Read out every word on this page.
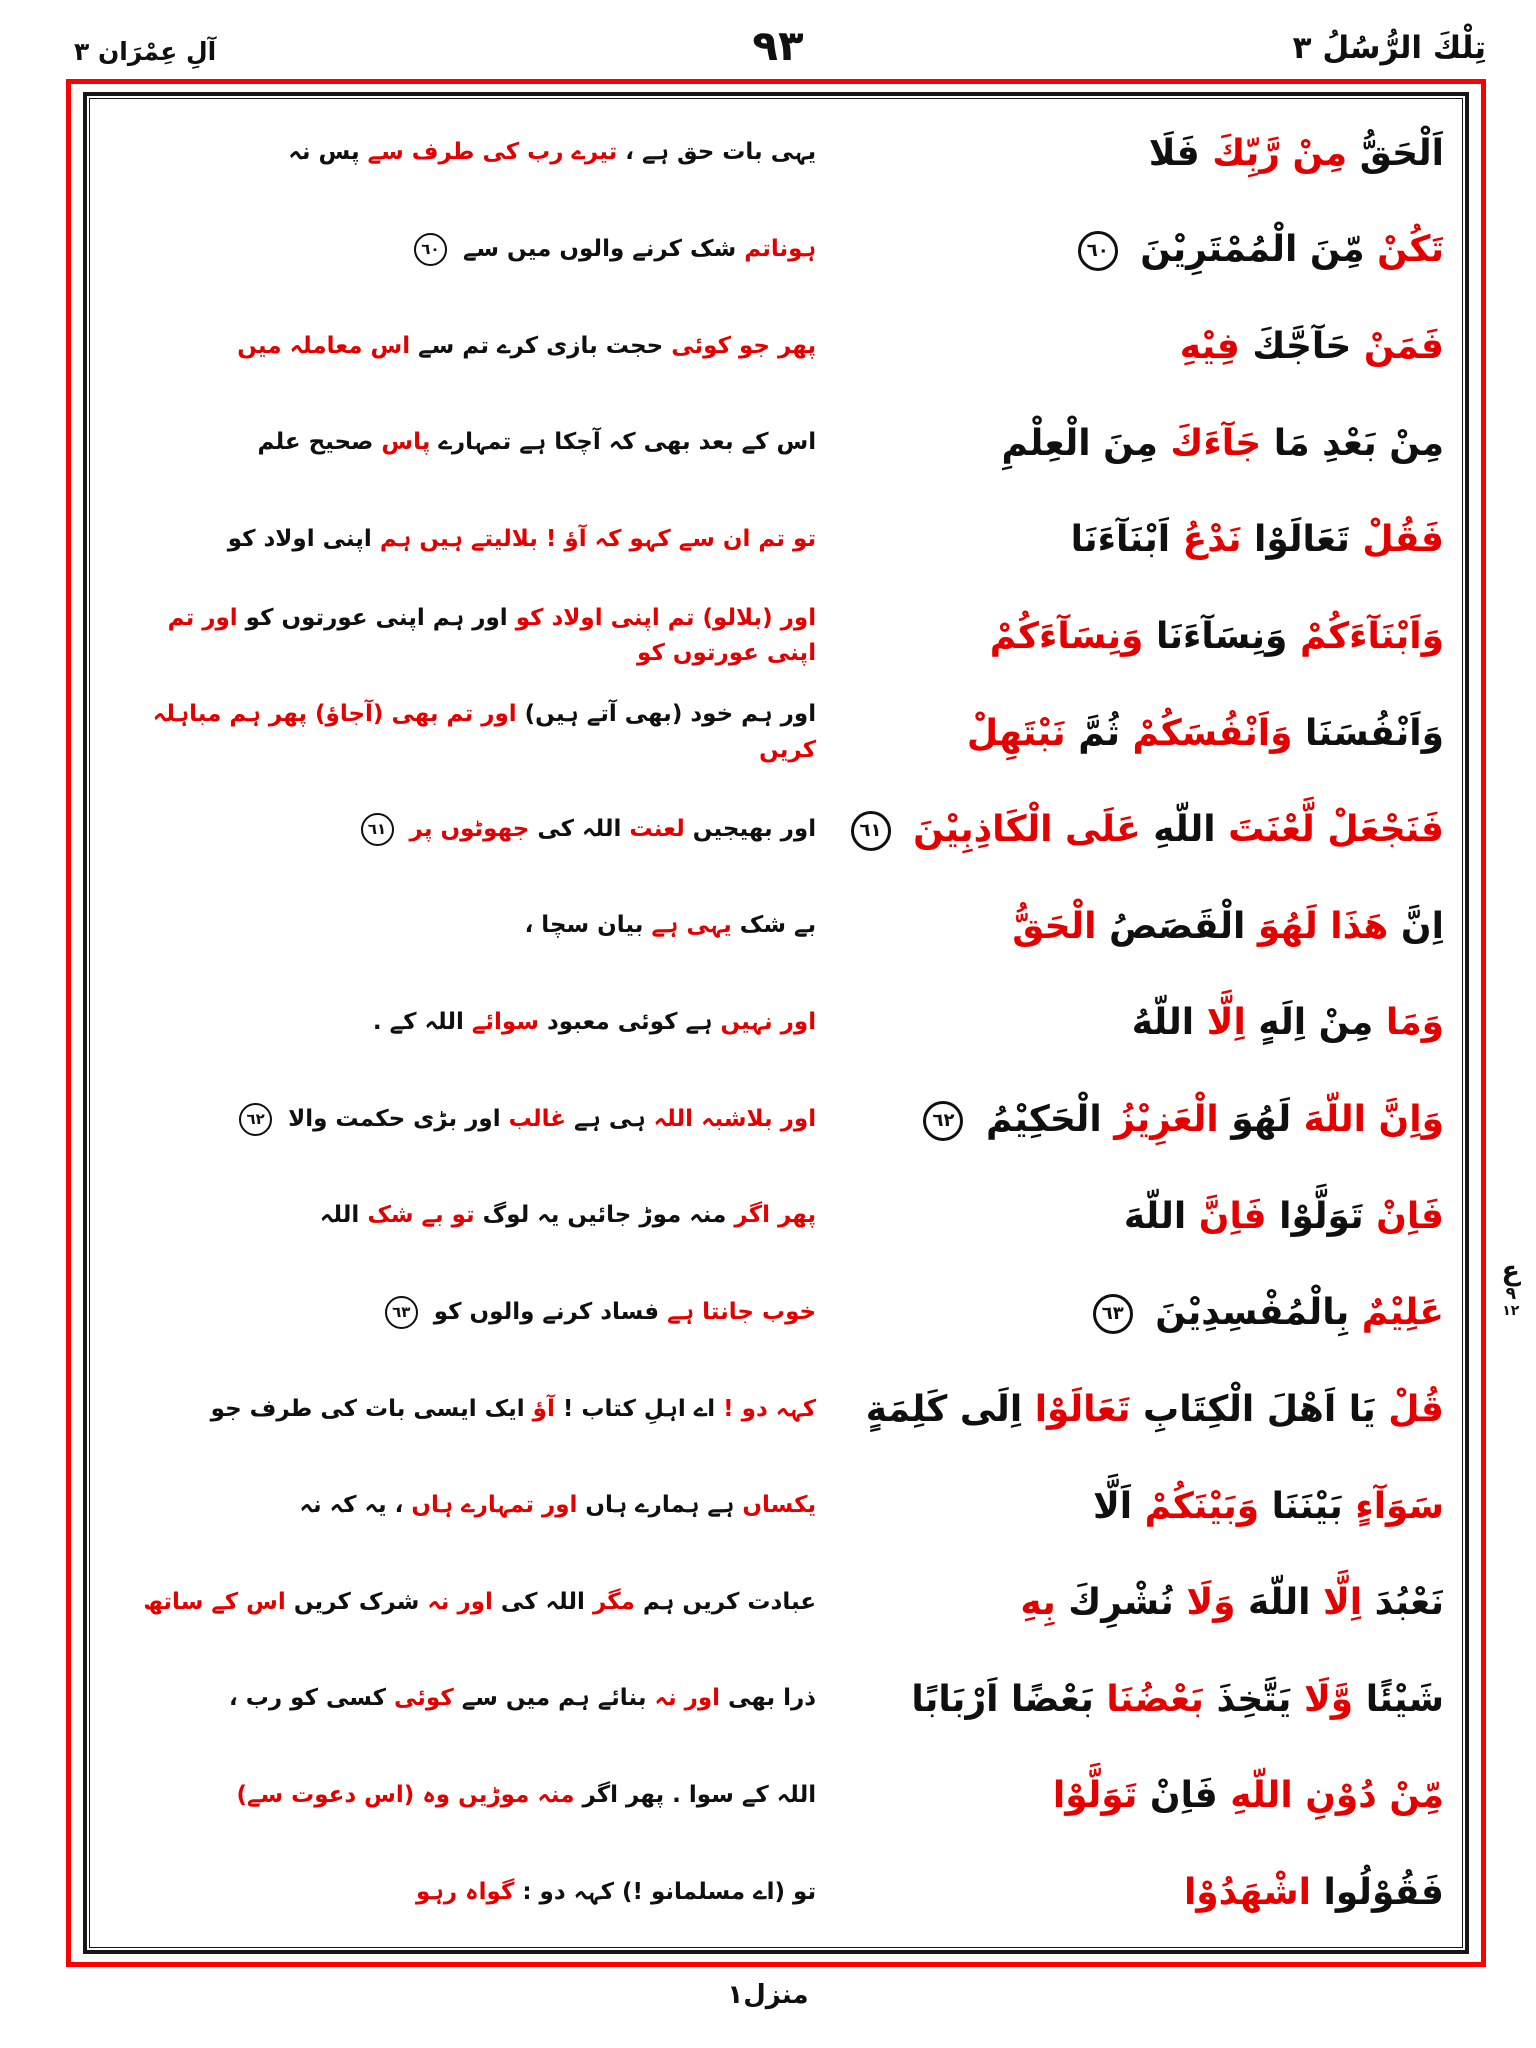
تِلْكَ الرُّسُلُ ٣
٩٣
آلِ عِمْرَان ٣
اَلْحَقُّ مِنْ رَّبِّكَ فَلَا
یہی بات حق ہے ، تیرے رب کی طرف سے پس نہ
تَكُنْ مِّنَ الْمُمْتَرِيْنَ ٦٠
ہوناتم شک کرنے والوں میں سے ٦٠
فَمَنْ حَآجَّكَ فِيْهِ
پھر جو کوئی حجت بازی کرے تم سے اس معاملہ میں
مِنْ بَعْدِ مَا جَآءَكَ مِنَ الْعِلْمِ
اس کے بعد بھی کہ آچکا ہے تمہارے پاس صحیح علم
فَقُلْ تَعَالَوْا نَدْعُ اَبْنَآءَنَا
تو تم ان سے کہو کہ آؤ ! بلالیتے ہیں ہم اپنی اولاد کو
وَاَبْنَآءَكُمْ وَنِسَآءَنَا وَنِسَآءَكُمْ
اور (بلالو) تم اپنی اولاد کو اور ہم اپنی عورتوں کو اور تم اپنی عورتوں کو
وَاَنْفُسَنَا وَاَنْفُسَكُمْ ثُمَّ نَبْتَهِلْ
اور ہم خود (بھی آتے ہیں) اور تم بھی (آجاؤ) پھر ہم مباہلہ کریں
فَنَجْعَلْ لَّعْنَتَ اللّهِ عَلَى الْكَاذِبِيْنَ ٦١
اور بھیجیں لعنت اللہ کی جھوٹوں پر ٦١
اِنَّ هَذَا لَهُوَ الْقَصَصُ الْحَقُّ
بے شک یہی ہے بیان سچا ،
وَمَا مِنْ اِلَهٍ اِلَّا اللّهُ
اور نہیں ہے کوئی معبود سوائے اللہ کے .
وَاِنَّ اللّهَ لَهُوَ الْعَزِيْزُ الْحَكِيْمُ ٦٢
اور بلاشبہ اللہ ہی ہے غالب اور بڑی حکمت والا ٦٢
فَاِنْ تَوَلَّوْا فَاِنَّ اللّهَ
پھر اگر منہ موڑ جائیں یہ لوگ تو بے شک اللہ
عَلِيْمٌ بِالْمُفْسِدِيْنَ ٦٣
خوب جانتا ہے فساد کرنے والوں کو ٦٣
قُلْ يَا اَهْلَ الْكِتَابِ تَعَالَوْا اِلَى كَلِمَةٍ
کہہ دو ! اے اہلِ کتاب ! آؤ ایک ایسی بات کی طرف جو
سَوَآءٍ بَيْنَنَا وَبَيْنَكُمْ اَلَّا
یکساں ہے ہمارے ہاں اور تمہارے ہاں ، یہ کہ نہ
نَعْبُدَ اِلَّا اللّهَ وَلَا نُشْرِكَ بِهِ
عبادت کریں ہم مگر اللہ کی اور نہ شرک کریں اس کے ساتھ
شَيْئًا وَّلَا يَتَّخِذَ بَعْضُنَا بَعْضًا اَرْبَابًا
ذرا بھی اور نہ بنائے ہم میں سے کوئی کسی کو رب ،
مِّنْ دُوْنِ اللّهِ فَاِنْ تَوَلَّوْا
اللہ کے سوا . پھر اگر منہ موڑیں وہ (اس دعوت سے)
فَقُوْلُوا اشْهَدُوْا
تو (اے مسلمانو !) کہہ دو : گواہ رہو
ع
٩
١٢
منزل١
